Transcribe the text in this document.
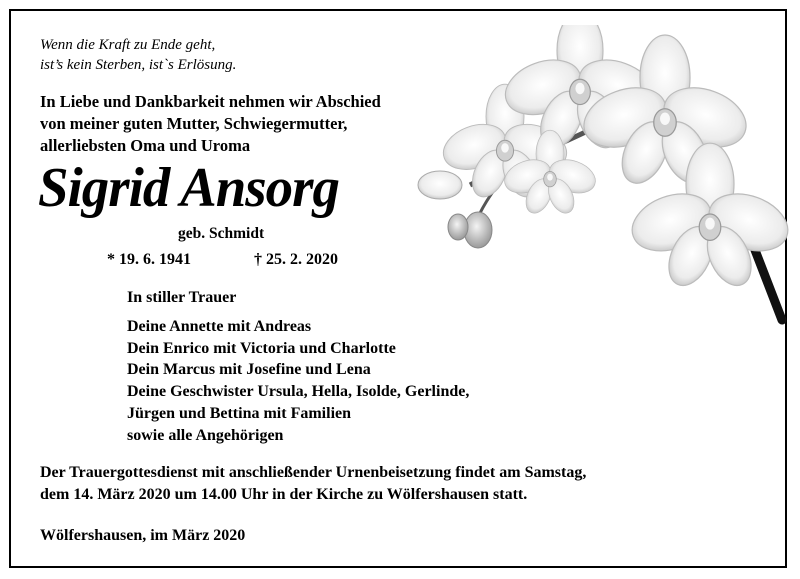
Wenn die Kraft zu Ende geht,
ist’s kein Sterben, ist`s Erlösung.
In Liebe und Dankbarkeit nehmen wir Abschied
von meiner guten Mutter, Schwiegermutter,
allerliebsten Oma und Uroma
Sigrid Ansorg
geb. Schmidt
* 19. 6. 1941	† 25. 2. 2020
In stiller Trauer
Deine Annette mit Andreas
Dein Enrico mit Victoria und Charlotte
Dein Marcus mit Josefine und Lena
Deine Geschwister Ursula, Hella, Isolde, Gerlinde,
Jürgen und Bettina mit Familien
sowie alle Angehörigen
Der Trauergottesdienst mit anschließender Urnenbeisetzung findet am Samstag,
dem 14. März 2020 um 14.00 Uhr in der Kirche zu Wölfershausen statt.
Wölfershausen, im März 2020
